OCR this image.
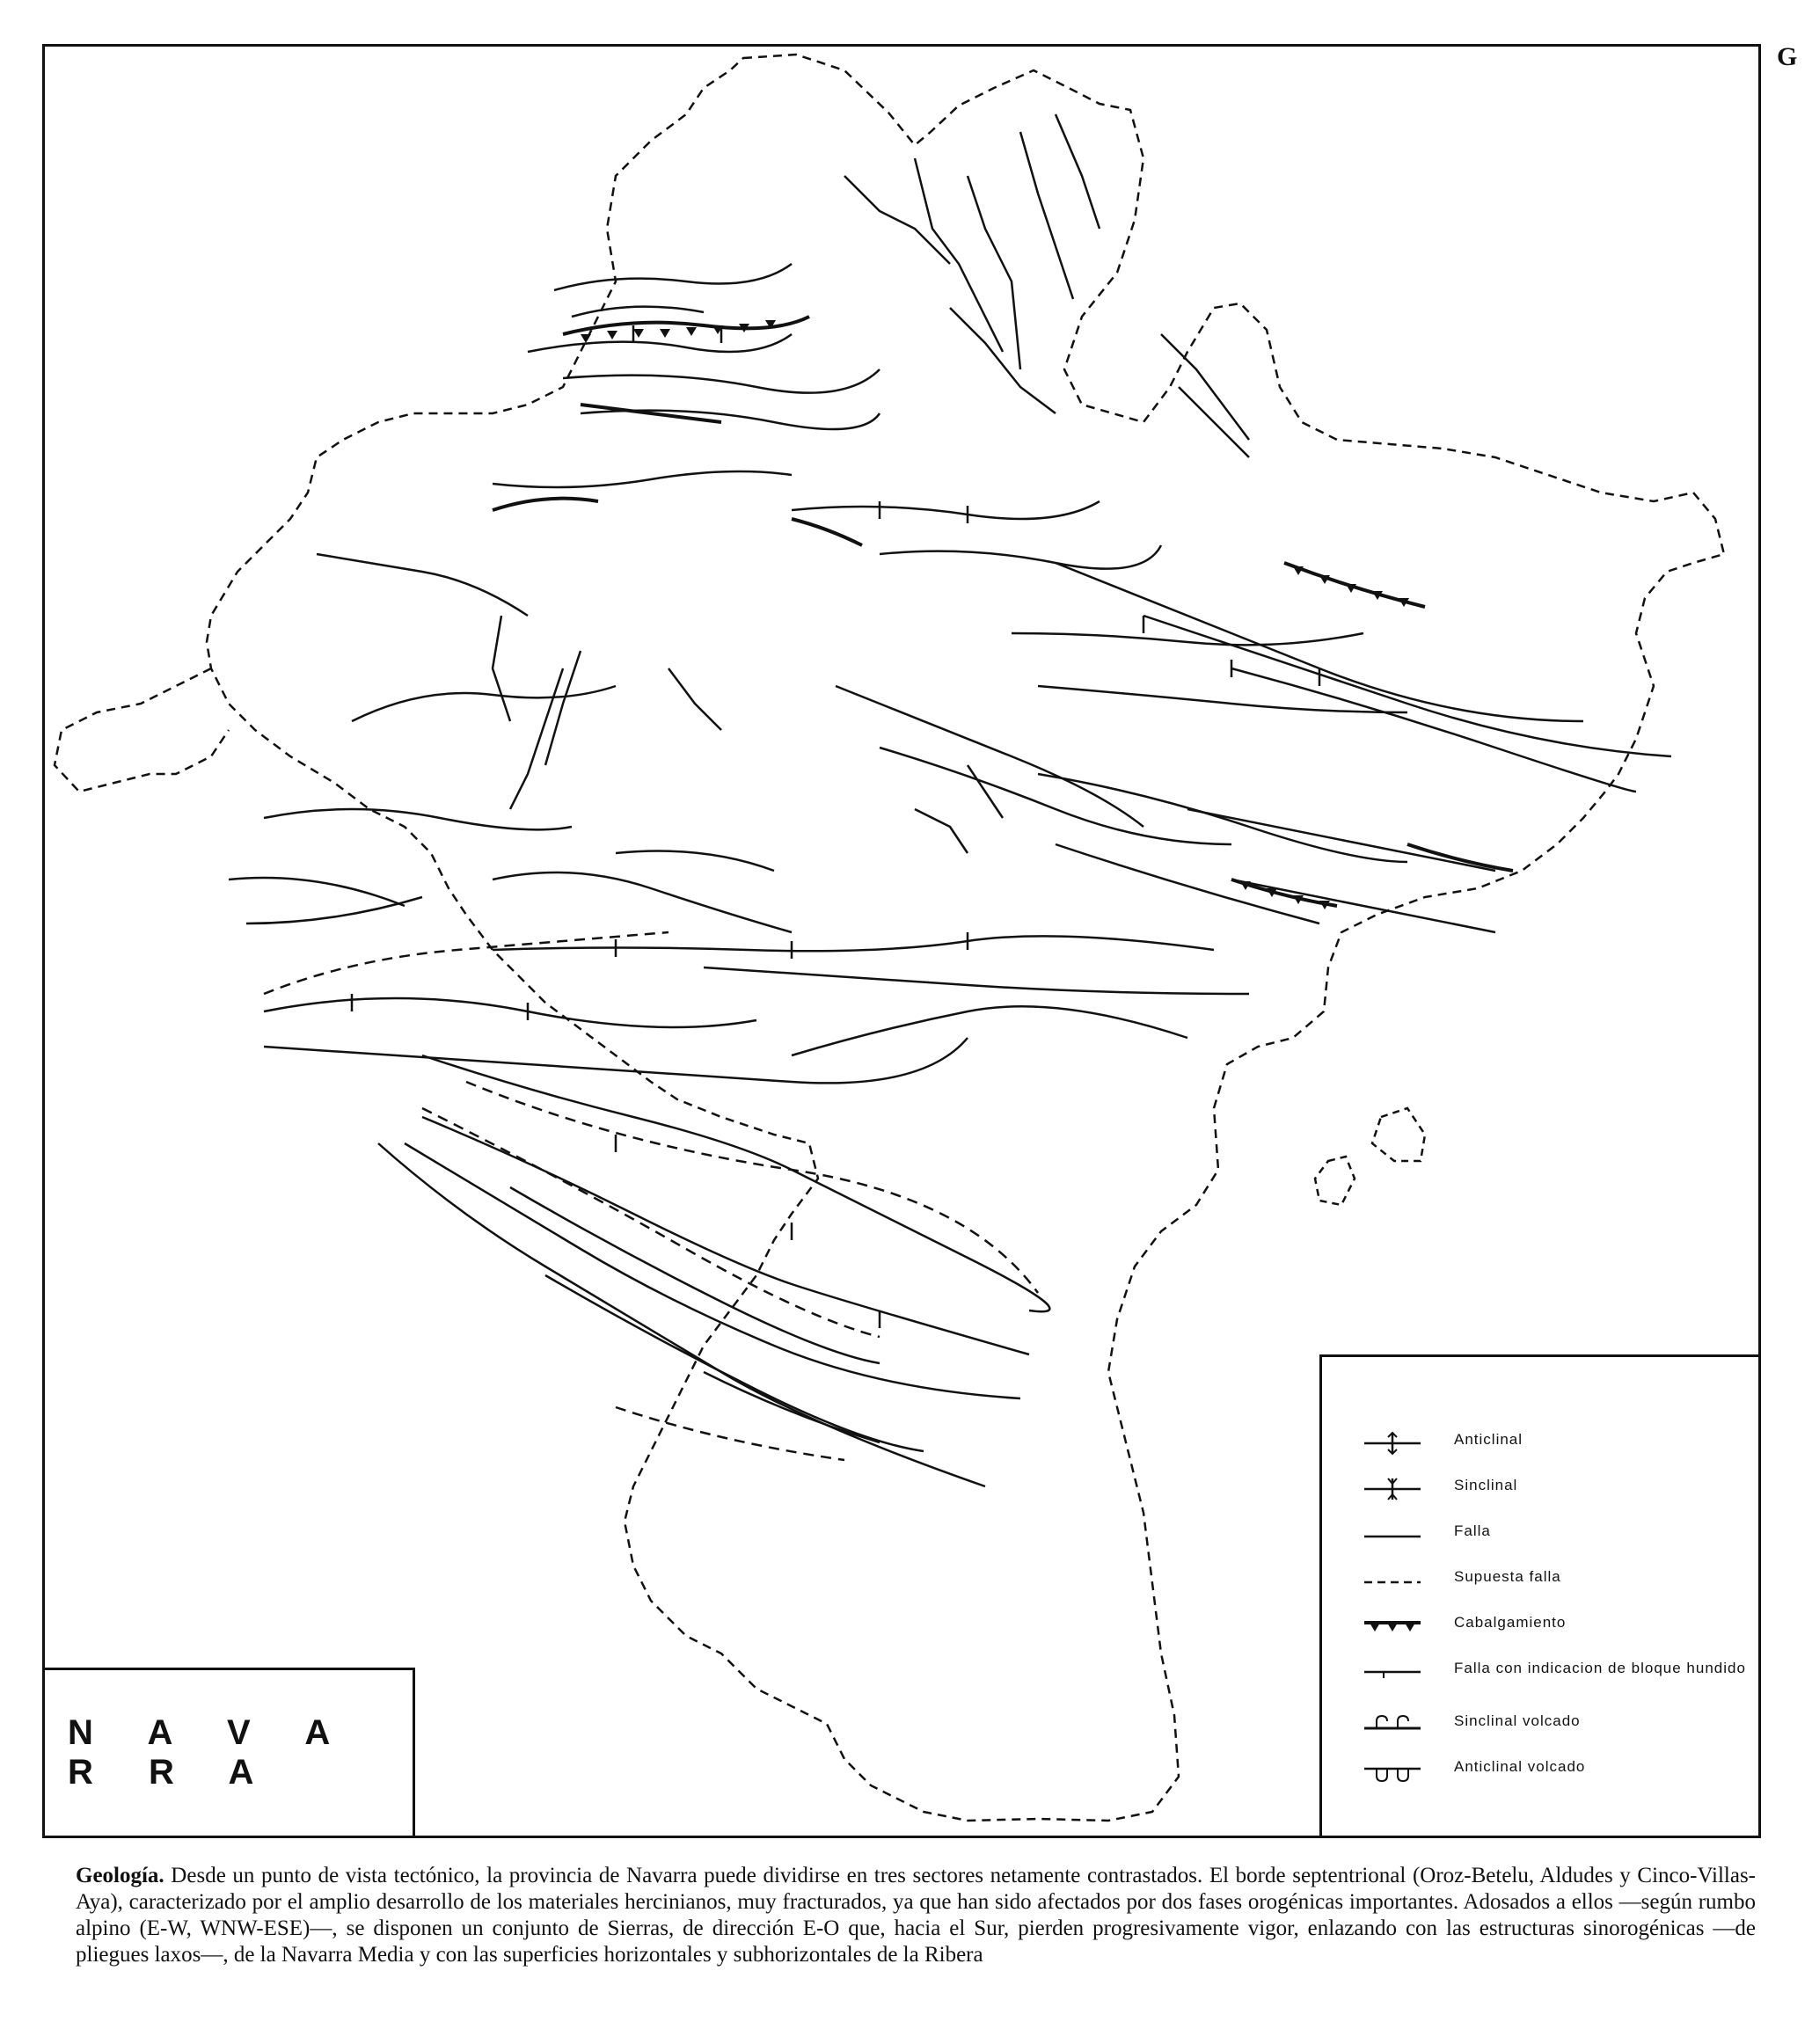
G
Anticlinal
Sinclinal
Falla
Supuesta falla
Cabalgamiento
Falla con indicacion de bloque hundido
Sinclinal volcado
Anticlinal volcado
N A V A R R A
Geología. Desde un punto de vista tectónico, la provincia de Navarra puede dividirse en tres sectores netamente contrastados. El borde septentrional (Oroz-Betelu, Aldudes y Cinco-Villas-Aya), caracterizado por el amplio desarrollo de los materiales hercinianos, muy fracturados, ya que han sido afectados por dos fases orogénicas importantes. Adosados a ellos —según rumbo alpino (E-W, WNW-ESE)—, se disponen un conjunto de Sierras, de dirección E-O que, hacia el Sur, pierden progresivamente vigor, enlazando con las estructuras sinorogénicas —de pliegues laxos—, de la Navarra Media y con las superficies horizontales y subhorizontales de la Ribera
